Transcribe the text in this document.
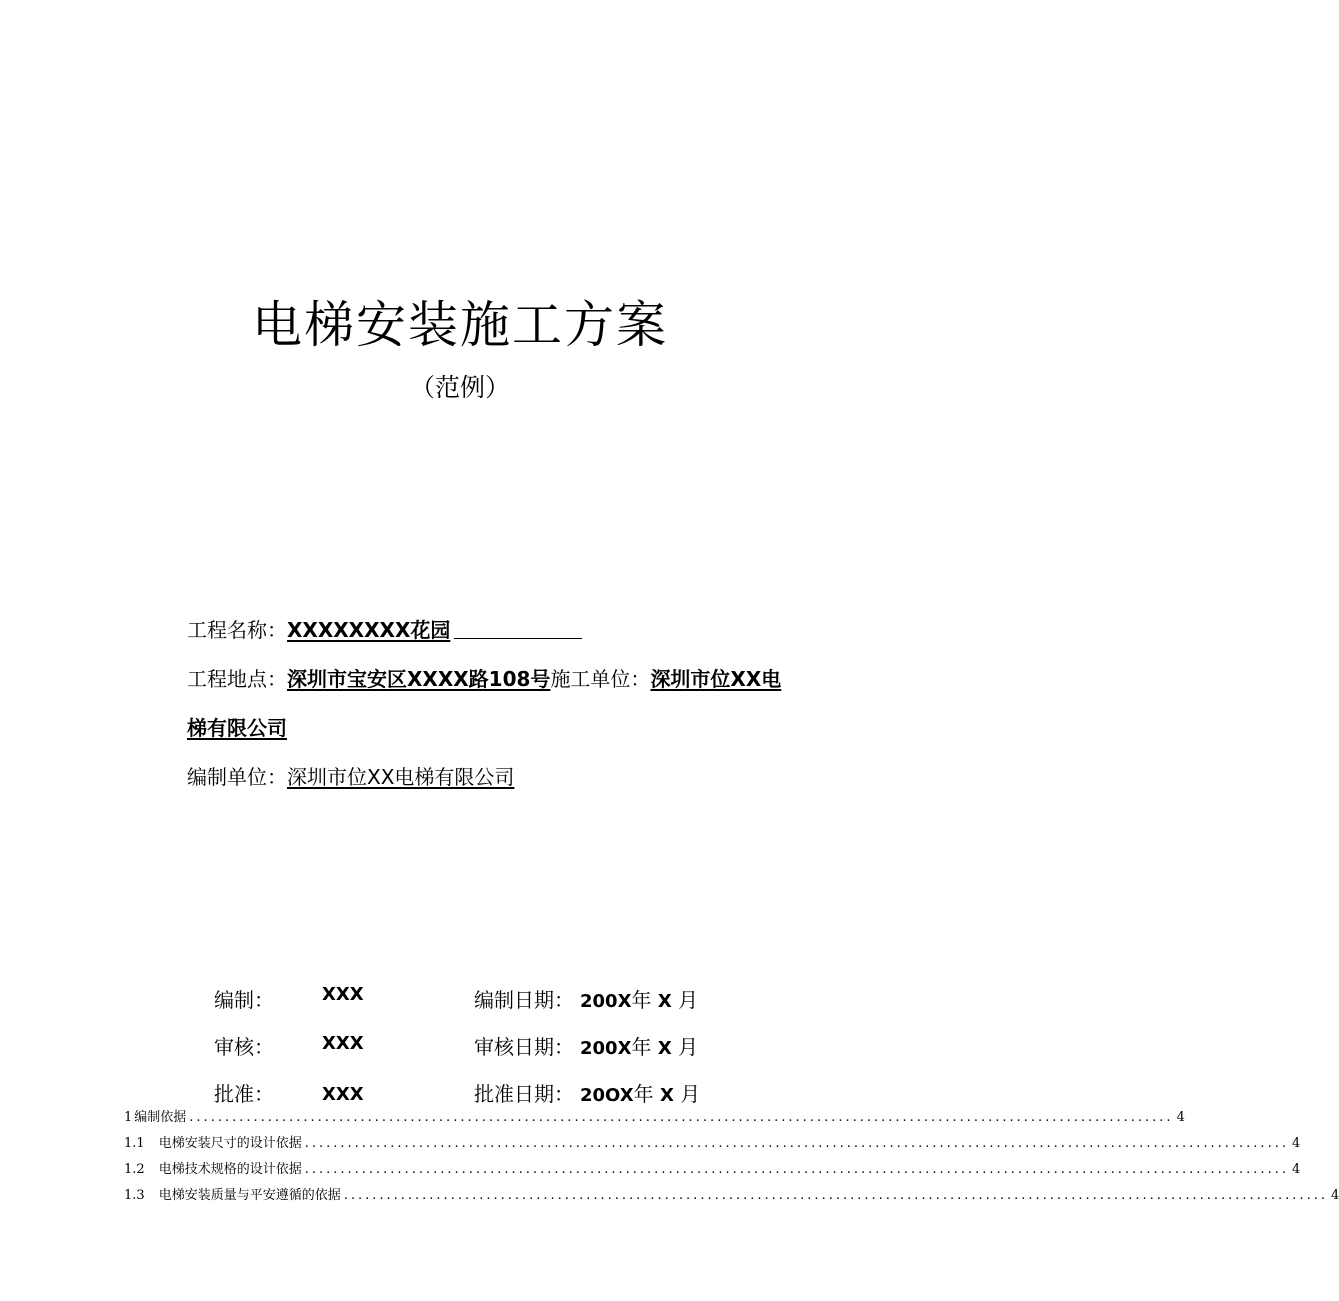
电梯安装施工方案
（范例）
工程名称：XXXXXXXX花园
工程地点：深圳市宝安区XXXX路108号施工单位：深圳市位XX电
梯有限公司
编制单位：深圳市位XX电梯有限公司
编制：	XXX	编制日期： 200X年 X 月
审核：	XXX	审核日期： 200X年 X 月
批准：	XXX	批准日期： 20OX年 X 月
1 编制依据 .......................................................................................................................................... 4
1.1 电梯安装尺寸的设计依据 .......................................................................................................................................... 4
1.2 电梯技术规格的设计依据 .......................................................................................................................................... 4
1.3 电梯安装质量与平安遵循的依据 .......................................................................................................................................... 4
